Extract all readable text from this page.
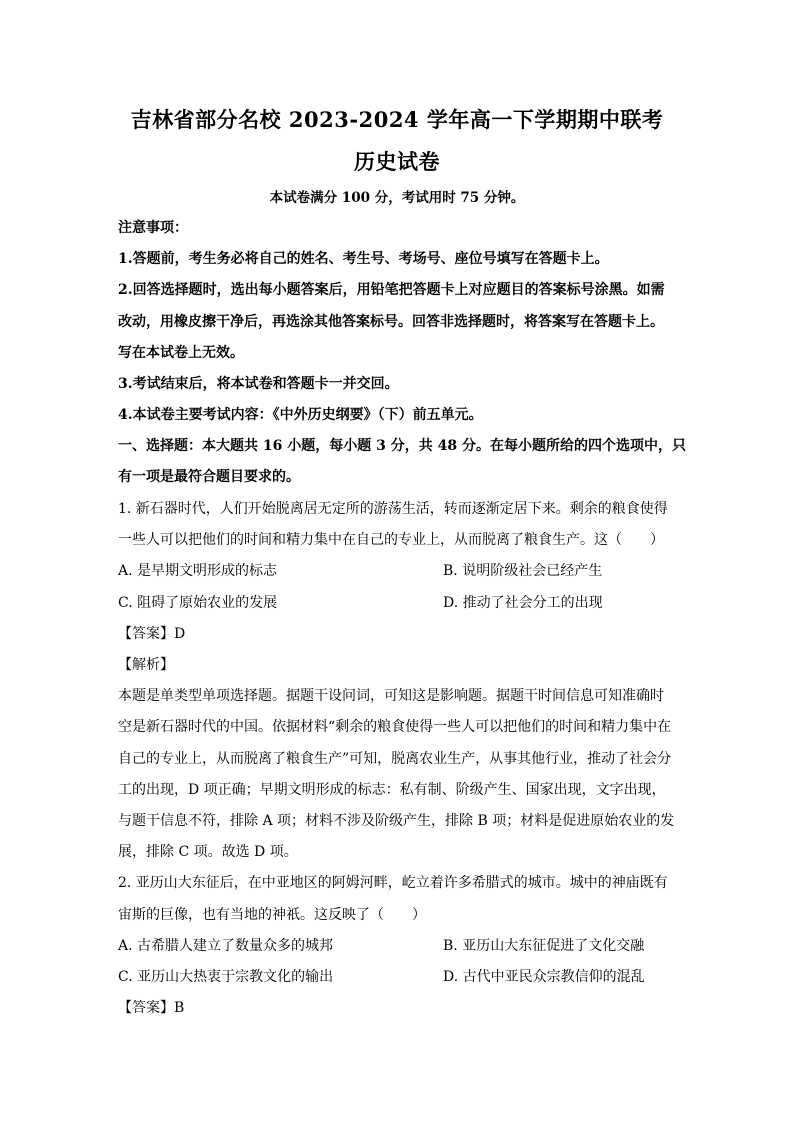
吉林省部分名校 2023-2024 学年高一下学期期中联考
历史试卷
本试卷满分 100 分，考试用时 75 分钟。
注意事项：
1.答题前，考生务必将自己的姓名、考生号、考场号、座位号填写在答题卡上。
2.回答选择题时，选出每小题答案后，用铅笔把答题卡上对应题目的答案标号涂黑。如需
改动，用橡皮擦干净后，再选涂其他答案标号。回答非选择题时，将答案写在答题卡上。
写在本试卷上无效。
3.考试结束后，将本试卷和答题卡一并交回。
4.本试卷主要考试内容：《中外历史纲要》（下）前五单元。
一、选择题：本大题共 16 小题，每小题 3 分，共 48 分。在每小题所给的四个选项中，只
有一项是最符合题目要求的。
1. 新石器时代，人们开始脱离居无定所的游荡生活，转而逐渐定居下来。剩余的粮食使得
一些人可以把他们的时间和精力集中在自己的专业上，从而脱离了粮食生产。这（　　）
A. 是早期文明形成的标志	B. 说明阶级社会已经产生
C. 阻碍了原始农业的发展	D. 推动了社会分工的出现
【答案】D
【解析】
本题是单类型单项选择题。据题干设问词，可知这是影响题。据题干时间信息可知准确时
空是新石器时代的中国。依据材料“剩余的粮食使得一些人可以把他们的时间和精力集中在
自己的专业上，从而脱离了粮食生产”可知，脱离农业生产，从事其他行业，推动了社会分
工的出现，D 项正确；早期文明形成的标志：私有制、阶级产生、国家出现，文字出现，
与题干信息不符，排除 A 项；材料不涉及阶级产生，排除 B 项；材料是促进原始农业的发
展，排除 C 项。故选 D 项。
2. 亚历山大东征后，在中亚地区的阿姆河畔，屹立着许多希腊式的城市。城中的神庙既有
宙斯的巨像，也有当地的神祇。这反映了（　　）
A. 古希腊人建立了数量众多的城邦	B. 亚历山大东征促进了文化交融
C. 亚历山大热衷于宗教文化的输出	D. 古代中亚民众宗教信仰的混乱
【答案】B
